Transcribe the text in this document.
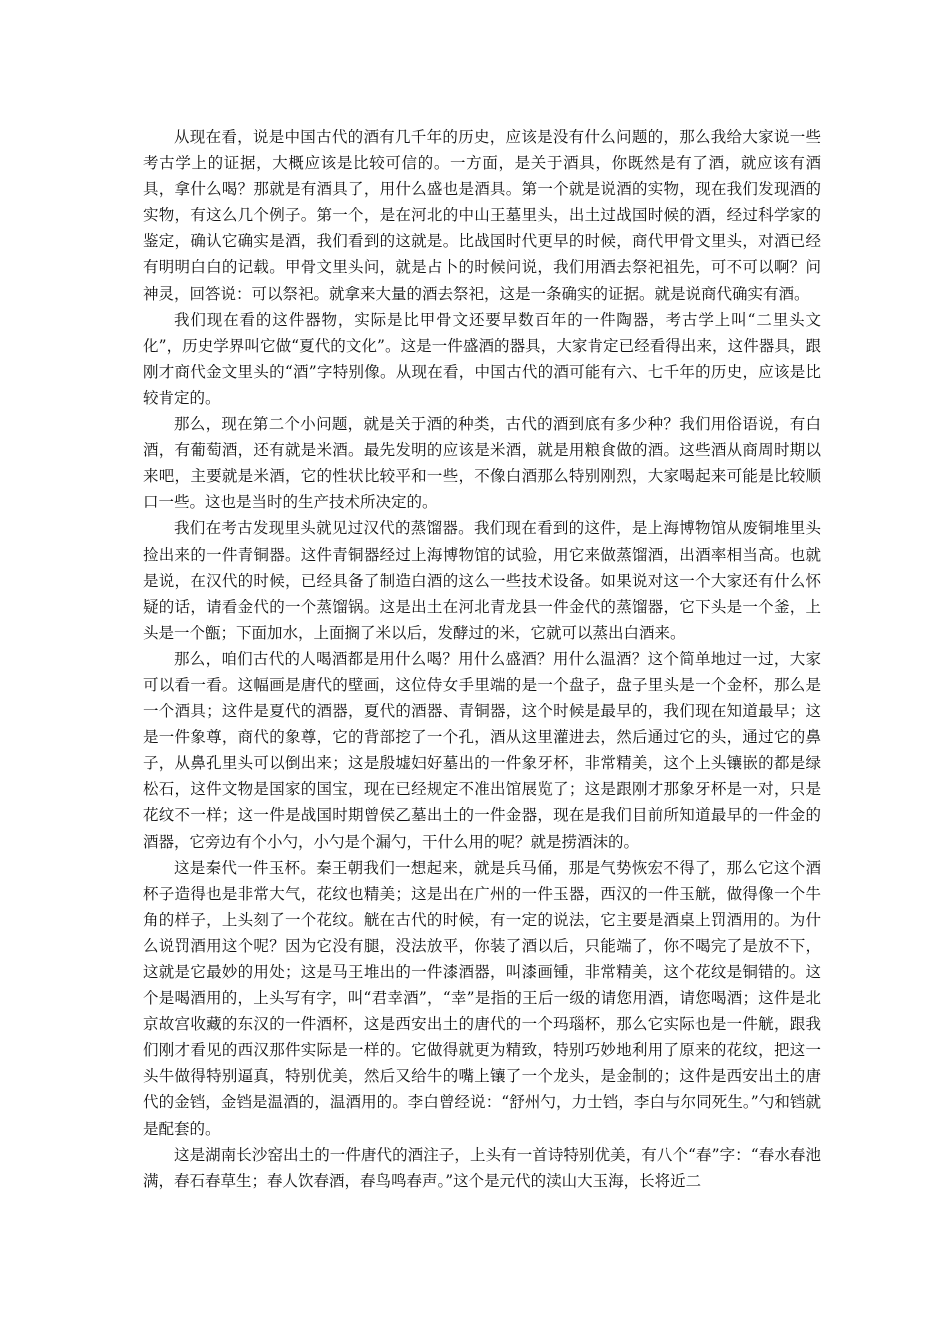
从现在看，说是中国古代的酒有几千年的历史，应该是没有什么问题的，那么我给大家说一些考古学上的证据，大概应该是比较可信的。一方面，是关于酒具，你既然是有了酒，就应该有酒具，拿什么喝？那就是有酒具了，用什么盛也是酒具。第一个就是说酒的实物，现在我们发现酒的实物，有这么几个例子。第一个，是在河北的中山王墓里头，出土过战国时候的酒，经过科学家的鉴定，确认它确实是酒，我们看到的这就是。比战国时代更早的时候，商代甲骨文里头，对酒已经有明明白白的记载。甲骨文里头问，就是占卜的时候问说，我们用酒去祭祀祖先，可不可以啊？问神灵，回答说：可以祭祀。就拿来大量的酒去祭祀，这是一条确实的证据。就是说商代确实有酒。

我们现在看的这件器物，实际是比甲骨文还要早数百年的一件陶器，考古学上叫“二里头文化”，历史学界叫它做“夏代的文化”。这是一件盛酒的器具，大家肯定已经看得出来，这件器具，跟刚才商代金文里头的“酒”字特别像。从现在看，中国古代的酒可能有六、七千年的历史，应该是比较肯定的。

那么，现在第二个小问题，就是关于酒的种类，古代的酒到底有多少种？我们用俗语说，有白酒，有葡萄酒，还有就是米酒。最先发明的应该是米酒，就是用粮食做的酒。这些酒从商周时期以来吧，主要就是米酒，它的性状比较平和一些，不像白酒那么特别刚烈，大家喝起来可能是比较顺口一些。这也是当时的生产技术所决定的。

我们在考古发现里头就见过汉代的蒸馏器。我们现在看到的这件，是上海博物馆从废铜堆里头捡出来的一件青铜器。这件青铜器经过上海博物馆的试验，用它来做蒸馏酒，出酒率相当高。也就是说，在汉代的时候，已经具备了制造白酒的这么一些技术设备。如果说对这一个大家还有什么怀疑的话，请看金代的一个蒸馏锅。这是出土在河北青龙县一件金代的蒸馏器，它下头是一个釜，上头是一个甑；下面加水，上面搁了米以后，发酵过的米，它就可以蒸出白酒来。

那么，咱们古代的人喝酒都是用什么喝？用什么盛酒？用什么温酒？这个简单地过一过，大家可以看一看。这幅画是唐代的壁画，这位侍女手里端的是一个盘子，盘子里头是一个金杯，那么是一个酒具；这件是夏代的酒器，夏代的酒器、青铜器，这个时候是最早的，我们现在知道最早；这是一件象尊，商代的象尊，它的背部挖了一个孔，酒从这里灌进去，然后通过它的头，通过它的鼻子，从鼻孔里头可以倒出来；这是殷墟妇好墓出的一件象牙杯，非常精美，这个上头镶嵌的都是绿松石，这件文物是国家的国宝，现在已经规定不准出馆展览了；这是跟刚才那象牙杯是一对，只是花纹不一样；这一件是战国时期曾侯乙墓出土的一件金器，现在是我们目前所知道最早的一件金的酒器，它旁边有个小勺，小勺是个漏勺，干什么用的呢？就是捞酒沫的。

这是秦代一件玉杯。秦王朝我们一想起来，就是兵马俑，那是气势恢宏不得了，那么它这个酒杯子造得也是非常大气，花纹也精美；这是出在广州的一件玉器，西汉的一件玉觥，做得像一个牛角的样子，上头刻了一个花纹。觥在古代的时候，有一定的说法，它主要是酒桌上罚酒用的。为什么说罚酒用这个呢？因为它没有腿，没法放平，你装了酒以后，只能端了，你不喝完了是放不下，这就是它最妙的用处；这是马王堆出的一件漆酒器，叫漆画锺，非常精美，这个花纹是铜错的。这个是喝酒用的，上头写有字，叫“君幸酒”，“幸”是指的王后一级的请您用酒，请您喝酒；这件是北京故宫收藏的东汉的一件酒杯，这是西安出土的唐代的一个玛瑙杯，那么它实际也是一件觥，跟我们刚才看见的西汉那件实际是一样的。它做得就更为精致，特别巧妙地利用了原来的花纹，把这一头牛做得特别逼真，特别优美，然后又给牛的嘴上镶了一个龙头，是金制的；这件是西安出土的唐代的金铛，金铛是温酒的，温酒用的。李白曾经说：“舒州勺，力士铛，李白与尔同死生。”勺和铛就是配套的。

这是湖南长沙窑出土的一件唐代的酒注子，上头有一首诗特别优美，有八个“春”字：“春水春池满，春石春草生；春人饮春酒，春鸟鸣春声。”这个是元代的渎山大玉海，长将近二
